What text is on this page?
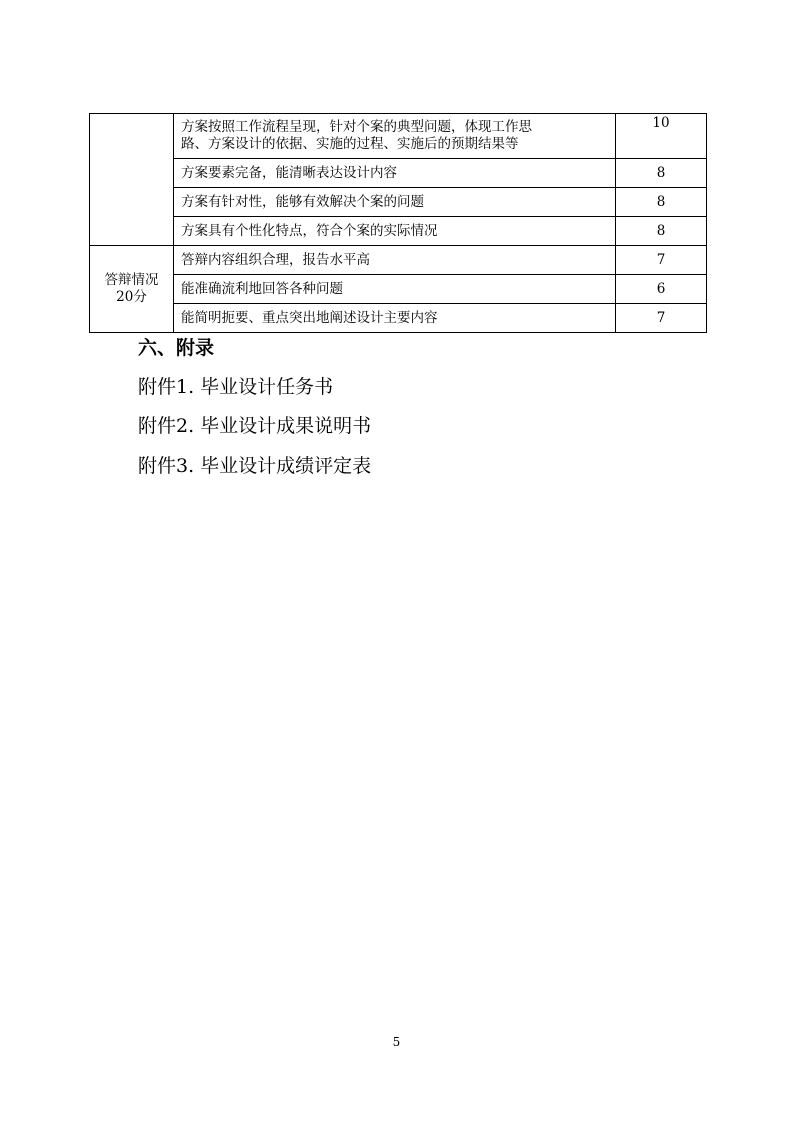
	方案按照工作流程呈现，针对个案的典型问题，体现工作思
路、方案设计的依据、实施的过程、实施后的预期结果等	10
	方案要素完备，能清晰表达设计内容	8
	方案有针对性，能够有效解决个案的问题	8
	方案具有个性化特点，符合个案的实际情况	8

答辩情况
20分	答辩内容组织合理，报告水平高	7
	能准确流利地回答各种问题	6
	能简明扼要、重点突出地阐述设计主要内容	7
六、附录
附件1. 毕业设计任务书
附件2. 毕业设计成果说明书
附件3. 毕业设计成绩评定表
5
